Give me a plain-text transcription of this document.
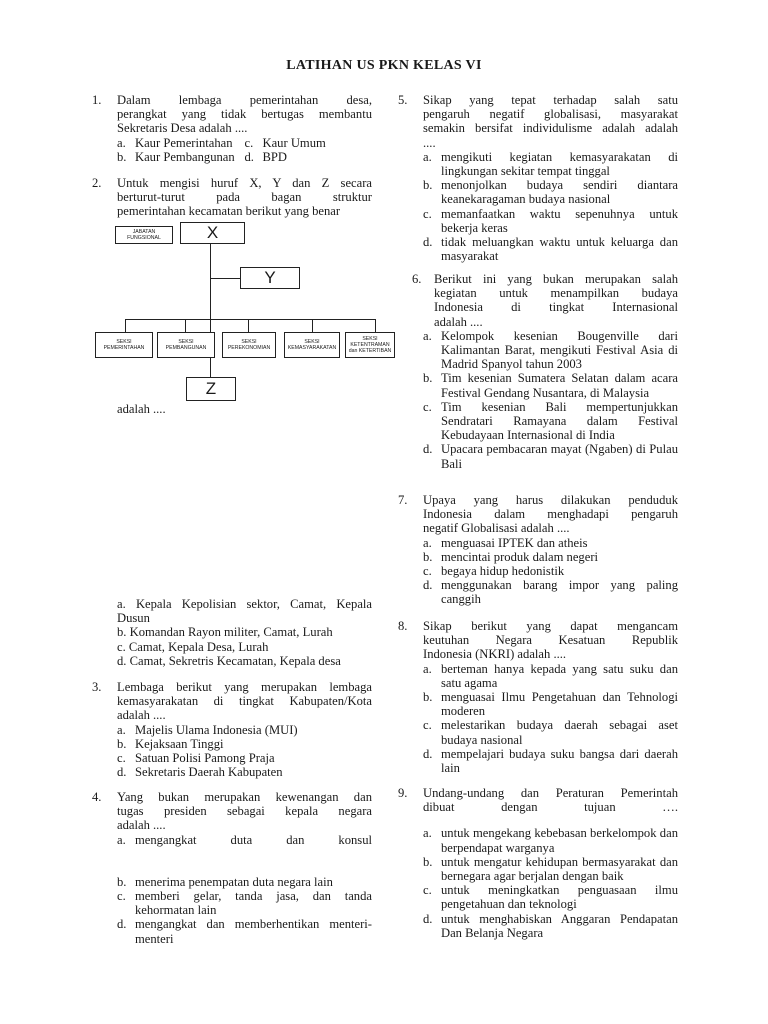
LATIHAN US PKN KELAS VI
1. Dalam lembaga pemerintahan desa,
perangkat yang tidak bertugas membantu
Sekretaris Desa adalah ....
a. Kaur Pemerintahan c. Kaur Umum
b. Kaur Pembangunan d. BPD
2. Untuk mengisi huruf X, Y dan Z secara
berturut-turut pada bagan struktur
pemerintahan kecamatan berikut yang benar
adalah ....
a. Kepala Kepolisian sektor, Camat, Kepala Dusun
b. Komandan Rayon militer, Camat, Lurah
c. Camat, Kepala Desa, Lurah
d. Camat, Sekretris Kecamatan, Kepala desa
3. Lembaga berikut yang merupakan lembaga
kemasyarakatan di tingkat Kabupaten/Kota
adalah ....
a. Majelis Ulama Indonesia (MUI)
b. Kejaksaan Tinggi
c. Satuan Polisi Pamong Praja
d. Sekretaris Daerah Kabupaten
4. Yang bukan merupakan kewenangan dan
tugas presiden sebagai kepala negara
adalah ....
a. mengangkat duta dan konsul
b. menerima penempatan duta negara lain
c. memberi gelar, tanda jasa, dan tanda kehormatan lain
d. mengangkat dan memberhentikan menteri-menteri
JABATAN FUNGSIONAL	X
Y
SEKSI PEMERINTAHAN
SEKSI PEMBANGUNAN
SEKSI PEREKONOMIAN
SEKSI KEMASYARAKATAN
SEKSI KETENTRAMAN dan KETERTIBAN
Z
5. Sikap yang tepat terhadap salah satu
pengaruh negatif globalisasi, masyarakat
semakin bersifat individulisme adalah adalah
....
a. mengikuti kegiatan kemasyarakatan di lingkungan sekitar tempat tinggal
b. menonjolkan budaya sendiri diantara keanekaragaman budaya nasional
c. memanfaatkan waktu sepenuhnya untuk bekerja keras
d. tidak meluangkan waktu untuk keluarga dan masyarakat
6. Berikut ini yang bukan merupakan salah
kegiatan untuk menampilkan budaya
Indonesia di tingkat Internasional
adalah ....
a. Kelompok kesenian Bougenville dari Kalimantan Barat, mengikuti Festival Asia di Madrid Spanyol tahun 2003
b. Tim kesenian Sumatera Selatan dalam acara Festival Gendang Nusantara, di Malaysia
c. Tim kesenian Bali mempertunjukkan Sendratari Ramayana dalam Festival Kebudayaan Internasional di India
d. Upacara pembacaran mayat (Ngaben) di Pulau Bali
7. Upaya yang harus dilakukan penduduk
Indonesia dalam menghadapi pengaruh
negatif Globalisasi adalah ....
a. menguasai IPTEK dan atheis
b. mencintai produk dalam negeri
c. begaya hidup hedonistik
d. menggunakan barang impor yang paling canggih
8. Sikap berikut yang dapat mengancam
keutuhan Negara Kesatuan Republik
Indonesia (NKRI) adalah ....
a. berteman hanya kepada yang satu suku dan satu agama
b. menguasai Ilmu Pengetahuan dan Tehnologi moderen
c. melestarikan budaya daerah sebagai aset budaya nasional
d. mempelajari budaya suku bangsa dari daerah lain
9. Undang-undang dan Peraturan Pemerintah
dibuat dengan tujuan ….
a. untuk mengekang kebebasan berkelompok dan berpendapat warganya
b. untuk mengatur kehidupan bermasyarakat dan bernegara agar berjalan dengan baik
c. untuk meningkatkan penguasaan ilmu pengetahuan dan teknologi
d. untuk menghabiskan Anggaran Pendapatan Dan Belanja Negara
